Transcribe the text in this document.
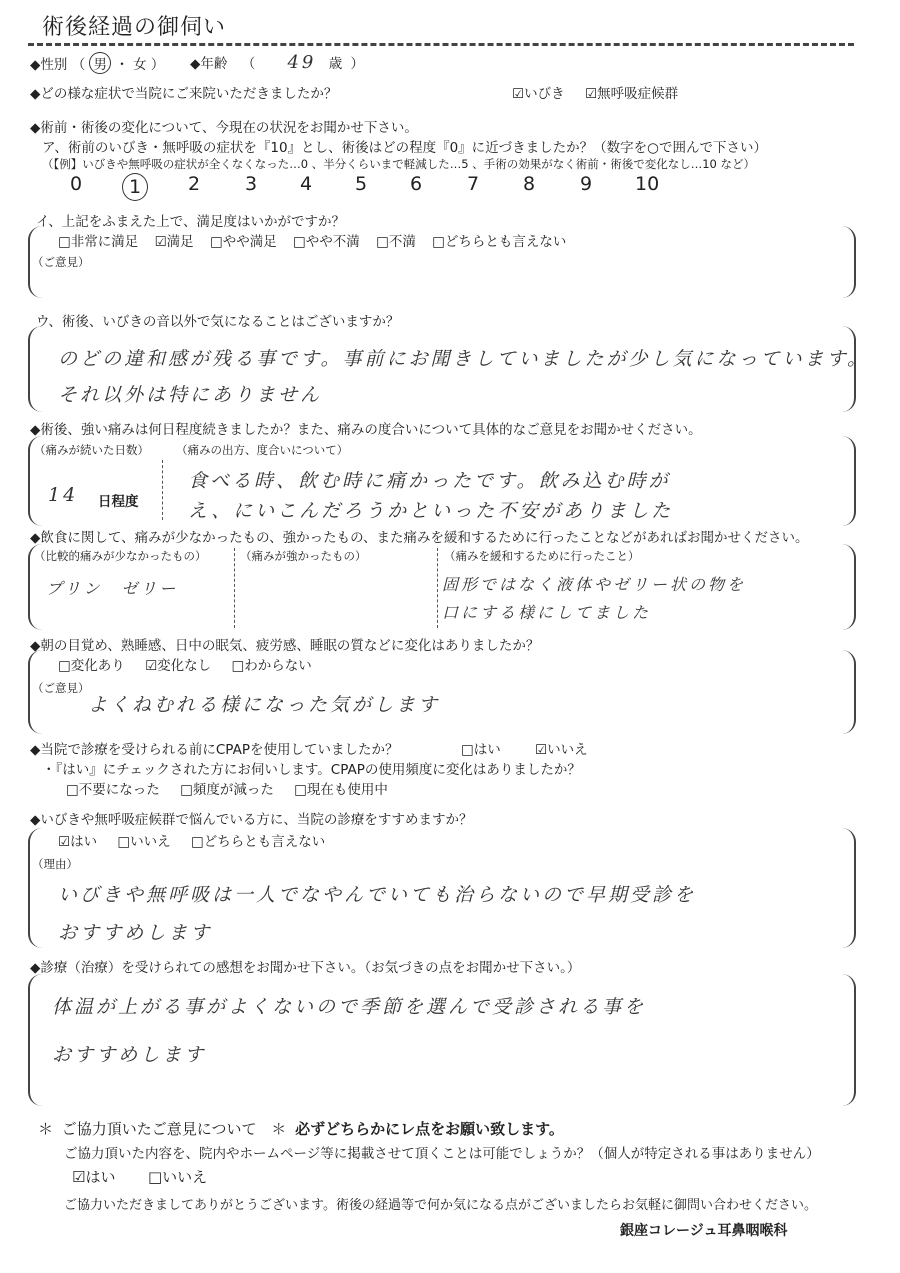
術後経過の御伺い
◆性別 （ 男 ・ 女 ） ◆年齢 （ 49 歳 ）
◆どの様な症状で当院にご来院いただきましたか？	☑いびき ☑無呼吸症候群
◆術前・術後の変化について、今現在の状況をお聞かせ下さい。
ア、術前のいびき・無呼吸の症状を『10』とし、術後はどの程度『0』に近づきましたか？（数字を○で囲んで下さい）
（【例】いびきや無呼吸の症状が全くなくなった…0 、半分くらいまで軽減した…5 、手術の効果がなく術前・術後で変化なし…10 など）
0	1	2 3 4 5 6 7 8 9 10
イ、上記をふまえた上で、満足度はいかがですか？
□非常に満足 ☑満足 □やや満足 □やや不満 □不満 □どちらとも言えない
（ご意見）
ウ、術後、いびきの音以外で気になることはございますか？
のどの違和感が残る事です。事前にお聞きしていましたが少し気になっています。
それ以外は特にありません
◆術後、強い痛みは何日程度続きましたか？また、痛みの度合いについて具体的なご意見をお聞かせください。
（痛みが続いた日数）
14 日程度
（痛みの出方、度合いについて）
食べる時、飲む時に痛かったです。飲み込む時が
え、にいこんだろうかといった不安がありました
◆飲食に関して、痛みが少なかったもの、強かったもの、また痛みを緩和するために行ったことなどがあればお聞かせください。
（比較的痛みが少なかったもの）
プリン　ゼリー
（痛みが強かったもの）	（痛みを緩和するために行ったこと）
固形ではなく液体やゼリー状の物を
口にする様にしてました
◆朝の目覚め、熟睡感、日中の眠気、疲労感、睡眠の質などに変化はありましたか？
□変化あり ☑変化なし □わからない
（ご意見）
よくねむれる様になった気がします
◆当院で診療を受けられる前にCPAPを使用していましたか？	□はい	☑いいえ
・『はい』にチェックされた方にお伺いします。CPAPの使用頻度に変化はありましたか？
□不要になった □頻度が減った □現在も使用中
◆いびきや無呼吸症候群で悩んでいる方に、当院の診療をすすめますか？
☑はい □いいえ □どちらとも言えない
（理由）
いびきや無呼吸は一人でなやんでいても治らないので早期受診を
おすすめします
◆診療（治療）を受けられての感想をお聞かせ下さい。（お気づきの点をお聞かせ下さい。）
体温が上がる事がよくないので季節を選んで受診される事を
おすすめします
＊ ご協力頂いたご意見について ＊ 必ずどちらかにレ点をお願い致します。
ご協力頂いた内容を、院内やホームページ等に掲載させて頂くことは可能でしょうか？（個人が特定される事はありません）
☑はい □いいえ
ご協力いただきましてありがとうございます。術後の経過等で何か気になる点がございましたらお気軽に御問い合わせください。
銀座コレージュ耳鼻咽喉科
